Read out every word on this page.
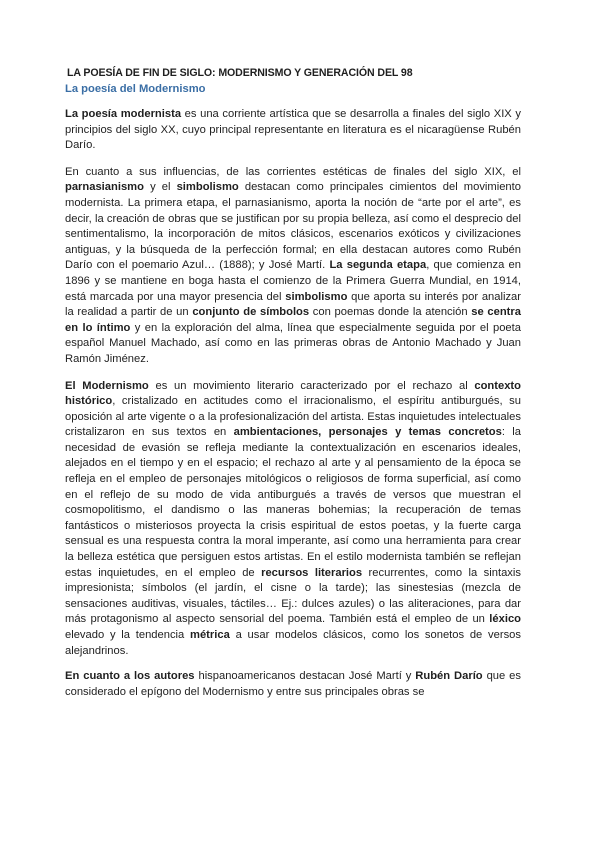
LA POESÍA DE FIN DE SIGLO: MODERNISMO Y GENERACIÓN DEL 98
La poesía del Modernismo

La poesía modernista es una corriente artística que se desarrolla a finales del siglo XIX y principios del siglo XX, cuyo principal representante en literatura es el nicaragüense Rubén Darío.

En cuanto a sus influencias, de las corrientes estéticas de finales del siglo XIX, el parnasianismo y el simbolismo destacan como principales cimientos del movimiento modernista. La primera etapa, el parnasianismo, aporta la noción de “arte por el arte”, es decir, la creación de obras que se justifican por su propia belleza, así como el desprecio del sentimentalismo, la incorporación de mitos clásicos, escenarios exóticos y civilizaciones antiguas, y la búsqueda de la perfección formal; en ella destacan autores como Rubén Darío con el poemario Azul… (1888); y José Martí. La segunda etapa, que comienza en 1896 y se mantiene en boga hasta el comienzo de la Primera Guerra Mundial, en 1914, está marcada por una mayor presencia del simbolismo que aporta su interés por analizar la realidad a partir de un conjunto de símbolos con poemas donde la atención se centra en lo íntimo y en la exploración del alma, línea que especialmente seguida por el poeta español Manuel Machado, así como en las primeras obras de Antonio Machado y Juan Ramón Jiménez.

El Modernismo es un movimiento literario caracterizado por el rechazo al contexto histórico, cristalizado en actitudes como el irracionalismo, el espíritu antiburgués, su oposición al arte vigente o a la profesionalización del artista. Estas inquietudes intelectuales cristalizaron en sus textos en ambientaciones, personajes y temas concretos: la necesidad de evasión se refleja mediante la contextualización en escenarios ideales, alejados en el tiempo y en el espacio; el rechazo al arte y al pensamiento de la época se refleja en el empleo de personajes mitológicos o religiosos de forma superficial, así como en el reflejo de su modo de vida antiburgués a través de versos que muestran el cosmopolitismo, el dandismo o las maneras bohemias; la recuperación de temas fantásticos o misteriosos proyecta la crisis espiritual de estos poetas, y la fuerte carga sensual es una respuesta contra la moral imperante, así como una herramienta para crear la belleza estética que persiguen estos artistas. En el estilo modernista también se reflejan estas inquietudes, en el empleo de recursos literarios recurrentes, como la sintaxis impresionista; símbolos (el jardín, el cisne o la tarde); las sinestesias (mezcla de sensaciones auditivas, visuales, táctiles… Ej.: dulces azules) o las aliteraciones, para dar más protagonismo al aspecto sensorial del poema. También está el empleo de un léxico elevado y la tendencia métrica a usar modelos clásicos, como los sonetos de versos alejandrinos.

En cuanto a los autores hispanoamericanos destacan José Martí y Rubén Darío que es considerado el epígono del Modernismo y entre sus principales obras se
